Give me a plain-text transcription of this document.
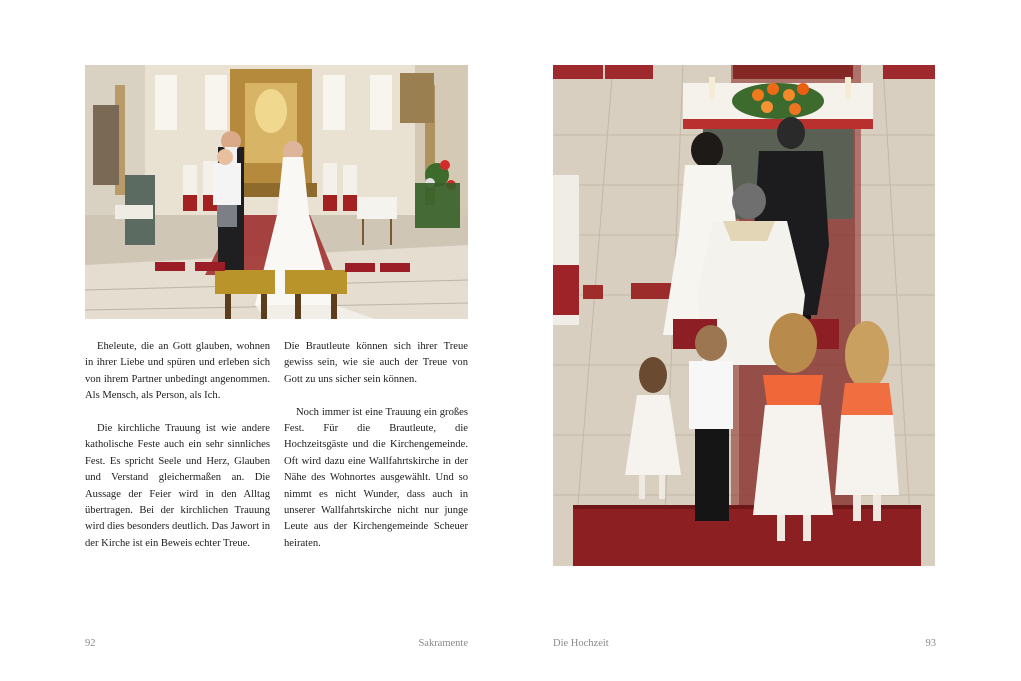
Eheleute, die an Gott glauben, wohnen in ihrer Liebe und spüren und erleben sich von ihrem Partner unbedingt angenommen. Als Mensch, als Person, als Ich.

Die kirchliche Trauung ist wie andere katholische Feste auch ein sehr sinnliches Fest. Es spricht Seele und Herz, Glauben und Verstand gleichermaßen an. Die Aussage der Feier wird in den Alltag übertragen. Bei der kirchlichen Trauung wird dies besonders deutlich. Das Jawort in der Kirche ist ein Beweis echter Treue.

Die Brautleute können sich ihrer Treue gewiss sein, wie sie auch der Treue von Gott zu uns sicher sein können.

Noch immer ist eine Trauung ein großes Fest. Für die Brautleute, die Hochzeitsgäste und die Kirchengemeinde. Oft wird dazu eine Wallfahrtskirche in der Nähe des Wohnortes ausgewählt. Und so nimmt es nicht Wunder, dass auch in unserer Wallfahrtskirche nicht nur junge Leute aus der Kirchengemeinde Scheuer heiraten.

92	Sakramente	Die Hochzeit	93
